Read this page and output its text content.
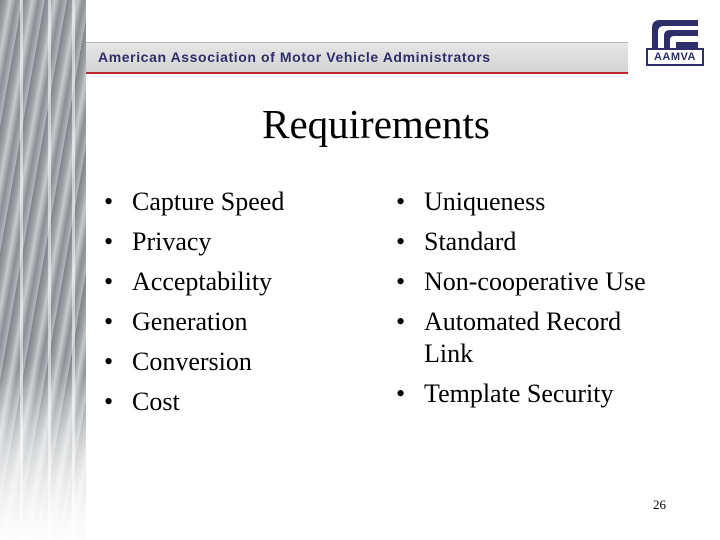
American Association of Motor Vehicle Administrators	AAMVA
Requirements
• Capture Speed
• Privacy
• Acceptability
• Generation
• Conversion
• Cost
• Uniqueness
• Standard
• Non-cooperative Use
• Automated Record Link
• Template Security
26
